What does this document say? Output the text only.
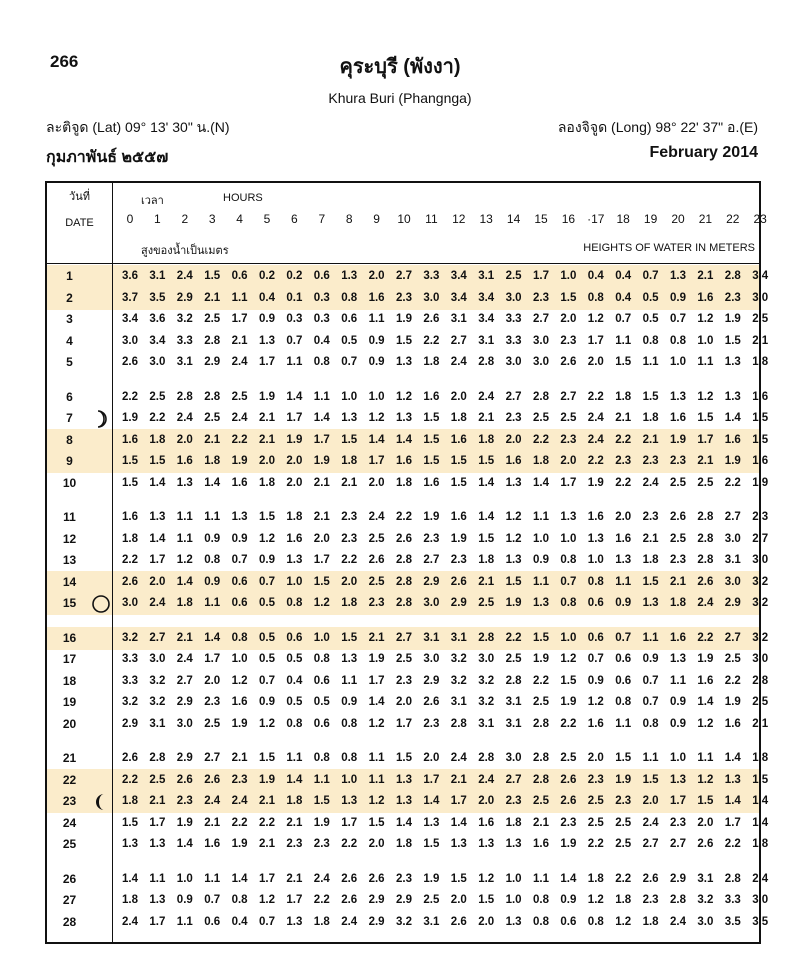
266	คุระบุรี (พังงา)
Khura Buri (Phangnga)
ละติจูด (Lat) 09° 13' 30" น.(N)	ลองจิจูด (Long) 98° 22' 37" อ.(E)
กุมภาพันธ์ ๒๕๕๗	February 2014
วันที่
DATE
เวลา	HOURS
0	1	2	3	4	5	6	7	8	9	10	11	12	13	14	15	16	·17	18	19	20	21	22	23
สูงของน้ำเป็นเมตร	HEIGHTS OF WATER IN METERS
1	3.6 3.1 2.4 1.5 0.6 0.2 0.2 0.6 1.3 2.0 2.7 3.3 3.4 3.1 2.5 1.7 1.0 0.4 0.4 0.7 1.3 2.1 2.8 3.4
2	3.7 3.5 2.9 2.1 1.1 0.4 0.1 0.3 0.8 1.6 2.3 3.0 3.4 3.4 3.0 2.3 1.5 0.8 0.4 0.5 0.9 1.6 2.3 3.0
3	3.4 3.6 3.2 2.5 1.7 0.9 0.3 0.3 0.6 1.1 1.9 2.6 3.1 3.4 3.3 2.7 2.0 1.2 0.7 0.5 0.7 1.2 1.9 2.5
4	3.0 3.4 3.3 2.8 2.1 1.3 0.7 0.4 0.5 0.9 1.5 2.2 2.7 3.1 3.3 3.0 2.3 1.7 1.1 0.8 0.8 1.0 1.5 2.1
5	2.6 3.0 3.1 2.9 2.4 1.7 1.1 0.8 0.7 0.9 1.3 1.8 2.4 2.8 3.0 3.0 2.6 2.0 1.5 1.1 1.0 1.1 1.3 1.8
6	2.2 2.5 2.8 2.8 2.5 1.9 1.4 1.1 1.0 1.0 1.2 1.6 2.0 2.4 2.7 2.8 2.7 2.2 1.8 1.5 1.3 1.2 1.3 1.6
7	1.9 2.2 2.4 2.5 2.4 2.1 1.7 1.4 1.3 1.2 1.3 1.5 1.8 2.1 2.3 2.5 2.5 2.4 2.1 1.8 1.6 1.5 1.4 1.5
8	1.6 1.8 2.0 2.1 2.2 2.1 1.9 1.7 1.5 1.4 1.4 1.5 1.6 1.8 2.0 2.2 2.3 2.4 2.2 2.1 1.9 1.7 1.6 1.5
9	1.5 1.5 1.6 1.8 1.9 2.0 2.0 1.9 1.8 1.7 1.6 1.5 1.5 1.5 1.6 1.8 2.0 2.2 2.3 2.3 2.3 2.1 1.9 1.6
10	1.5 1.4 1.3 1.4 1.6 1.8 2.0 2.1 2.1 2.0 1.8 1.6 1.5 1.4 1.3 1.4 1.7 1.9 2.2 2.4 2.5 2.5 2.2 1.9
11	1.6 1.3 1.1 1.1 1.3 1.5 1.8 2.1 2.3 2.4 2.2 1.9 1.6 1.4 1.2 1.1 1.3 1.6 2.0 2.3 2.6 2.8 2.7 2.3
12	1.8 1.4 1.1 0.9 0.9 1.2 1.6 2.0 2.3 2.5 2.6 2.3 1.9 1.5 1.2 1.0 1.0 1.3 1.6 2.1 2.5 2.8 3.0 2.7
13	2.2 1.7 1.2 0.8 0.7 0.9 1.3 1.7 2.2 2.6 2.8 2.7 2.3 1.8 1.3 0.9 0.8 1.0 1.3 1.8 2.3 2.8 3.1 3.0
14	2.6 2.0 1.4 0.9 0.6 0.7 1.0 1.5 2.0 2.5 2.8 2.9 2.6 2.1 1.5 1.1 0.7 0.8 1.1 1.5 2.1 2.6 3.0 3.2
15	3.0 2.4 1.8 1.1 0.6 0.5 0.8 1.2 1.8 2.3 2.8 3.0 2.9 2.5 1.9 1.3 0.8 0.6 0.9 1.3 1.8 2.4 2.9 3.2
16	3.2 2.7 2.1 1.4 0.8 0.5 0.6 1.0 1.5 2.1 2.7 3.1 3.1 2.8 2.2 1.5 1.0 0.6 0.7 1.1 1.6 2.2 2.7 3.2
17	3.3 3.0 2.4 1.7 1.0 0.5 0.5 0.8 1.3 1.9 2.5 3.0 3.2 3.0 2.5 1.9 1.2 0.7 0.6 0.9 1.3 1.9 2.5 3.0
18	3.3 3.2 2.7 2.0 1.2 0.7 0.4 0.6 1.1 1.7 2.3 2.9 3.2 3.2 2.8 2.2 1.5 0.9 0.6 0.7 1.1 1.6 2.2 2.8
19	3.2 3.2 2.9 2.3 1.6 0.9 0.5 0.5 0.9 1.4 2.0 2.6 3.1 3.2 3.1 2.5 1.9 1.2 0.8 0.7 0.9 1.4 1.9 2.5
20	2.9 3.1 3.0 2.5 1.9 1.2 0.8 0.6 0.8 1.2 1.7 2.3 2.8 3.1 3.1 2.8 2.2 1.6 1.1 0.8 0.9 1.2 1.6 2.1
21	2.6 2.8 2.9 2.7 2.1 1.5 1.1 0.8 0.8 1.1 1.5 2.0 2.4 2.8 3.0 2.8 2.5 2.0 1.5 1.1 1.0 1.1 1.4 1.8
22	2.2 2.5 2.6 2.6 2.3 1.9 1.4 1.1 1.0 1.1 1.3 1.7 2.1 2.4 2.7 2.8 2.6 2.3 1.9 1.5 1.3 1.2 1.3 1.5
23	1.8 2.1 2.3 2.4 2.4 2.1 1.8 1.5 1.3 1.2 1.3 1.4 1.7 2.0 2.3 2.5 2.6 2.5 2.3 2.0 1.7 1.5 1.4 1.4
24	1.5 1.7 1.9 2.1 2.2 2.2 2.1 1.9 1.7 1.5 1.4 1.3 1.4 1.6 1.8 2.1 2.3 2.5 2.5 2.4 2.3 2.0 1.7 1.4
25	1.3 1.3 1.4 1.6 1.9 2.1 2.3 2.3 2.2 2.0 1.8 1.5 1.3 1.3 1.3 1.6 1.9 2.2 2.5 2.7 2.7 2.6 2.2 1.8
26	1.4 1.1 1.0 1.1 1.4 1.7 2.1 2.4 2.6 2.6 2.3 1.9 1.5 1.2 1.0 1.1 1.4 1.8 2.2 2.6 2.9 3.1 2.8 2.4
27	1.8 1.3 0.9 0.7 0.8 1.2 1.7 2.2 2.6 2.9 2.9 2.5 2.0 1.5 1.0 0.8 0.9 1.2 1.8 2.3 2.8 3.2 3.3 3.0
28	2.4 1.7 1.1 0.6 0.4 0.7 1.3 1.8 2.4 2.9 3.2 3.1 2.6 2.0 1.3 0.8 0.6 0.8 1.2 1.8 2.4 3.0 3.5 3.5
